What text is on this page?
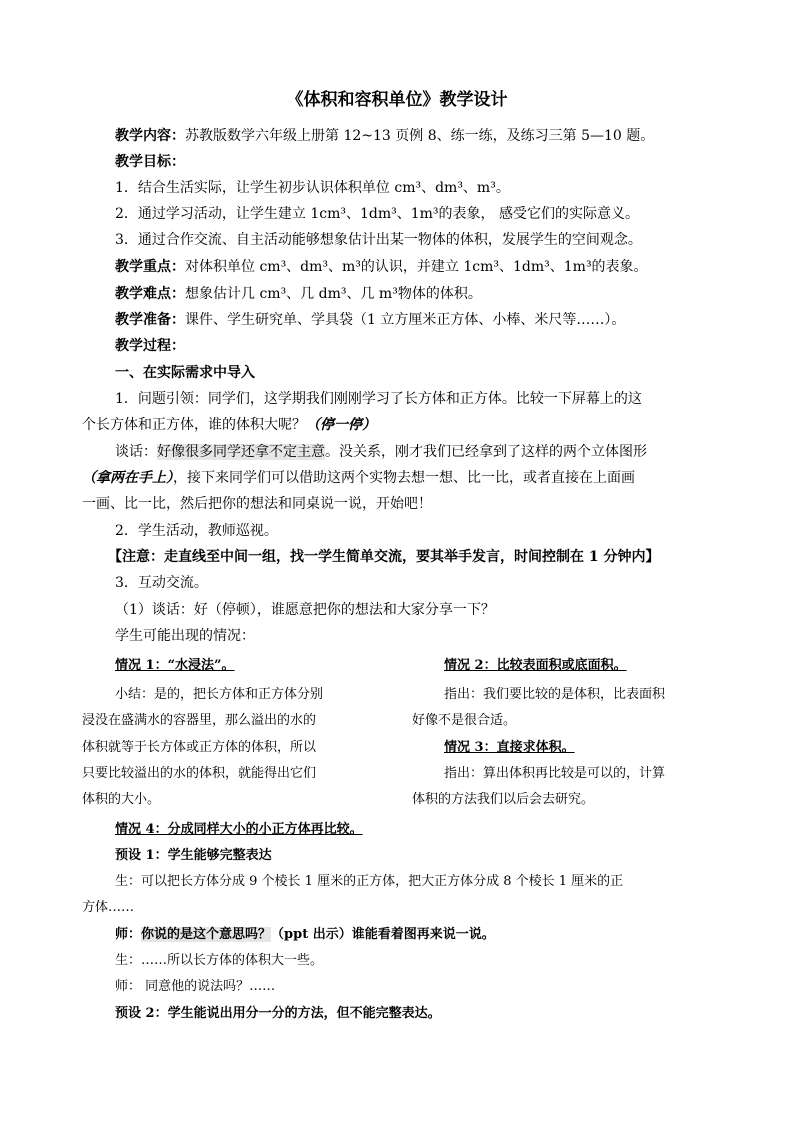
《体积和容积单位》教学设计
教学内容：苏教版数学六年级上册第 12~13 页例 8、练一练，及练习三第 5—10 题。
教学目标：
1．结合生活实际，让学生初步认识体积单位 cm³、dm³、m³。
2．通过学习活动，让学生建立 1cm³、1dm³、1m³的表象， 感受它们的实际意义。
3．通过合作交流、自主活动能够想象估计出某一物体的体积，发展学生的空间观念。
教学重点：对体积单位 cm³、dm³、m³的认识，并建立 1cm³、1dm³、1m³的表象。
教学难点：想象估计几 cm³、几 dm³、几 m³物体的体积。
教学准备：课件、学生研究单、学具袋（1 立方厘米正方体、小棒、米尺等……）。
教学过程：
一、在实际需求中导入
1．问题引领：同学们，这学期我们刚刚学习了长方体和正方体。比较一下屏幕上的这
个长方体和正方体，谁的体积大呢？（停一停）
谈话：好像很多同学还拿不定主意。没关系，刚才我们已经拿到了这样的两个立体图形
（拿两在手上），接下来同学们可以借助这两个实物去想一想、比一比，或者直接在上面画
一画、比一比，然后把你的想法和同桌说一说，开始吧！
2．学生活动，教师巡视。
【注意：走直线至中间一组，找一学生简单交流，要其举手发言，时间控制在 1 分钟内】
3．互动交流。
（1）谈话：好（停顿），谁愿意把你的想法和大家分享一下？
学生可能出现的情况：
情况 1：“水浸法”。
小结：是的，把长方体和正方体分别
浸没在盛满水的容器里，那么溢出的水的
体积就等于长方体或正方体的体积，所以
只要比较溢出的水的体积，就能得出它们
体积的大小。
情况 2：比较表面积或底面积。
指出：我们要比较的是体积，比表面积
好像不是很合适。
情况 3：直接求体积。
指出：算出体积再比较是可以的，计算
体积的方法我们以后会去研究。
情况 4：分成同样大小的小正方体再比较。
预设 1：学生能够完整表达
生：可以把长方体分成 9 个棱长 1 厘米的正方体，把大正方体分成 8 个棱长 1 厘米的正
方体……
师：你说的是这个意思吗？（ppt 出示）谁能看着图再来说一说。
生：……所以长方体的体积大一些。
师： 同意他的说法吗？……
预设 2：学生能说出用分一分的方法，但不能完整表达。
